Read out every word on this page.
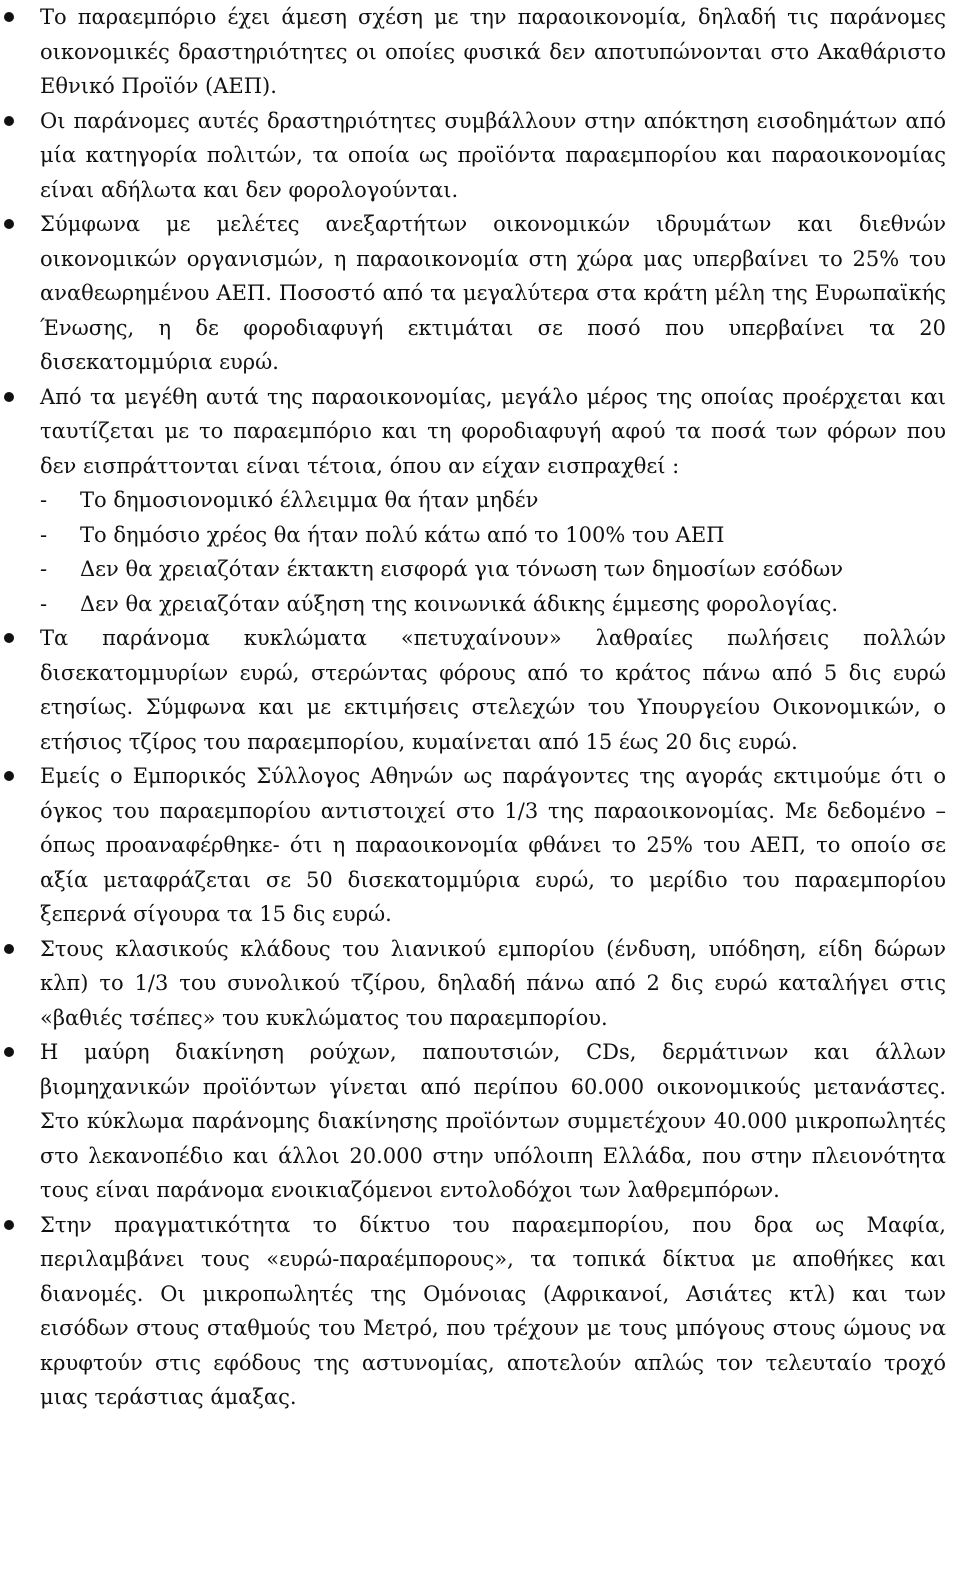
Το παραεμπόριο έχει άμεση σχέση με την παραοικονομία, δηλαδή τις παράνομες οικονομικές δραστηριότητες οι οποίες φυσικά δεν αποτυπώνονται στο Ακαθάριστο Εθνικό Προϊόν (ΑΕΠ).
Οι παράνομες αυτές δραστηριότητες συμβάλλουν στην απόκτηση εισοδημάτων από μία κατηγορία πολιτών, τα οποία ως προϊόντα παραεμπορίου και παραοικονομίας είναι αδήλωτα και δεν φορολογούνται.
Σύμφωνα με μελέτες ανεξαρτήτων οικονομικών ιδρυμάτων και διεθνών οικονομικών οργανισμών, η παραοικονομία στη χώρα μας υπερβαίνει το 25% του αναθεωρημένου ΑΕΠ. Ποσοστό από τα μεγαλύτερα στα κράτη μέλη της Ευρωπαϊκής Ένωσης, η δε φοροδιαφυγή εκτιμάται σε ποσό που υπερβαίνει τα 20 δισεκατομμύρια ευρώ.
Από τα μεγέθη αυτά της παραοικονομίας, μεγάλο μέρος της οποίας προέρχεται και ταυτίζεται με το παραεμπόριο και τη φοροδιαφυγή αφού τα ποσά των φόρων που δεν εισπράττονται είναι τέτοια, όπου αν είχαν εισπραχθεί :
-	Το δημοσιονομικό έλλειμμα θα ήταν μηδέν
-	Το δημόσιο χρέος θα ήταν πολύ κάτω από το 100% του ΑΕΠ
-	Δεν θα χρειαζόταν έκτακτη εισφορά για τόνωση των δημοσίων εσόδων
-	Δεν θα χρειαζόταν αύξηση της κοινωνικά άδικης έμμεσης φορολογίας.
Τα παράνομα κυκλώματα «πετυχαίνουν» λαθραίες πωλήσεις πολλών δισεκατομμυρίων ευρώ, στερώντας φόρους από το κράτος πάνω από 5 δις ευρώ ετησίως. Σύμφωνα και με εκτιμήσεις στελεχών του Υπουργείου Οικονομικών, ο ετήσιος τζίρος του παραεμπορίου, κυμαίνεται από 15 έως 20 δις ευρώ.
Εμείς ο Εμπορικός Σύλλογος Αθηνών ως παράγοντες της αγοράς εκτιμούμε ότι ο όγκος του παραεμπορίου αντιστοιχεί στο 1/3 της παραοικονομίας. Με δεδομένο –όπως προαναφέρθηκε- ότι η παραοικονομία φθάνει το 25% του ΑΕΠ, το οποίο σε αξία μεταφράζεται σε 50 δισεκατομμύρια ευρώ, το μερίδιο του παραεμπορίου ξεπερνά σίγουρα τα 15 δις ευρώ.
Στους κλασικούς κλάδους του λιανικού εμπορίου (ένδυση, υπόδηση, είδη δώρων κλπ) το 1/3 του συνολικού τζίρου, δηλαδή πάνω από 2 δις ευρώ καταλήγει στις «βαθιές τσέπες» του κυκλώματος του παραεμπορίου.
Η μαύρη διακίνηση ρούχων, παπουτσιών, CDs, δερμάτινων και άλλων βιομηχανικών προϊόντων γίνεται από περίπου 60.000 οικονομικούς μετανάστες. Στο κύκλωμα παράνομης διακίνησης προϊόντων συμμετέχουν 40.000 μικροπωλητές στο λεκανοπέδιο και άλλοι 20.000 στην υπόλοιπη Ελλάδα, που στην πλειονότητα τους είναι παράνομα ενοικιαζόμενοι εντολοδόχοι των λαθρεμπόρων.
Στην πραγματικότητα το δίκτυο του παραεμπορίου, που δρα ως Μαφία, περιλαμβάνει τους «ευρώ-παραέμπορους», τα τοπικά δίκτυα με αποθήκες και διανομές. Οι μικροπωλητές της Ομόνοιας (Αφρικανοί, Ασιάτες κτλ) και των εισόδων στους σταθμούς του Μετρό, που τρέχουν με τους μπόγους στους ώμους να κρυφτούν στις εφόδους της αστυνομίας, αποτελούν απλώς τον τελευταίο τροχό μιας τεράστιας άμαξας.
